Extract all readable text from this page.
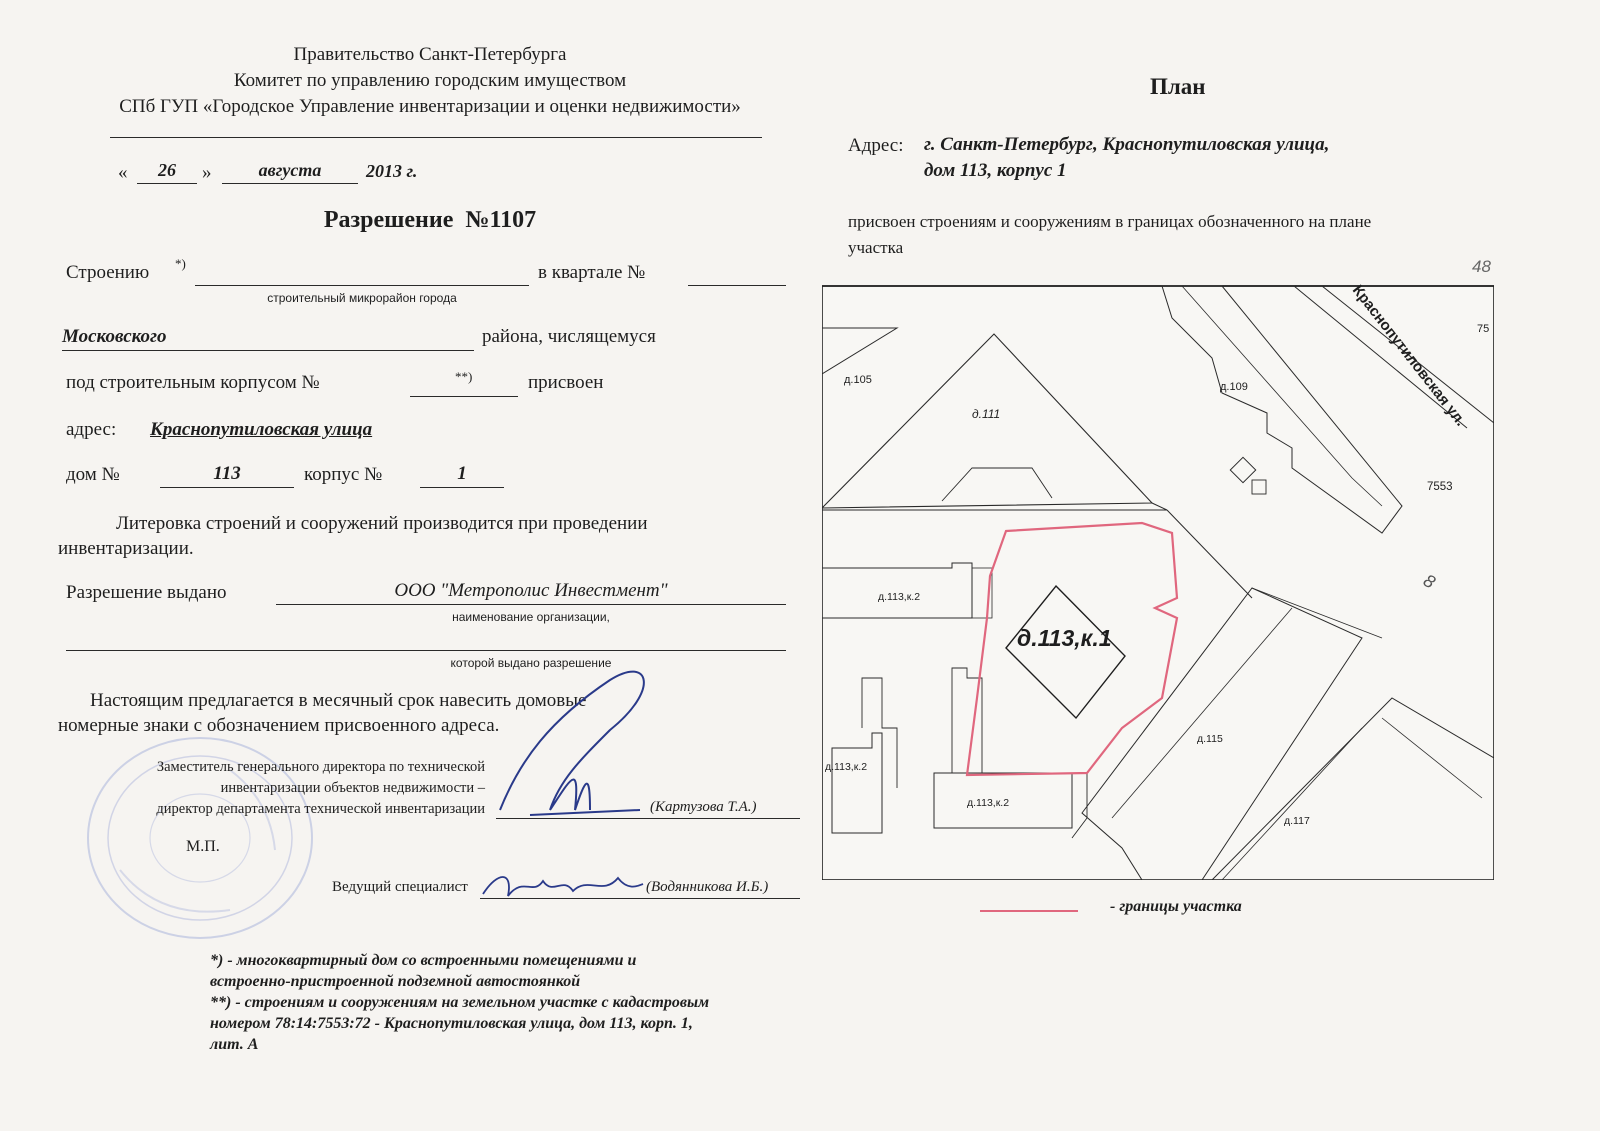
Правительство Санкт-Петербурга
Комитет по управлению городским имуществом
СПб ГУП «Городское Управление инвентаризации и оценки недвижимости»
«	26	»	августа	2013 г.
Разрешение №1107
Строению *)
строительный микрорайон города
в квартале №
Московского	района, числящемуся
под строительным корпусом №	**)	присвоен
адрес: Краснопутиловская улица
дом №	113	корпус №	1
Литеровка строений и сооружений производится при проведении
инвентаризации.
Разрешение выдано	ООО "Метрополис Инвестмент"
наименование организации,
которой выдано разрешение
Настоящим предлагается в месячный срок навесить домовые
номерные знаки с обозначением присвоенного адреса.
Заместитель генерального директора по технической
инвентаризации объектов недвижимости –
директор департамента технической инвентаризации	(Картузова Т.А.)
М.П.
Ведущий специалист	(Водянникова И.Б.)
*) - многоквартирный дом со встроенными помещениями и
встроенно-пристроенной подземной автостоянкой
**) - строениям и сооружениям на земельном участке с кадастровым
номером 78:14:7553:72 - Краснопутиловская улица, дом 113, корп. 1,
лит. А
План
Адрес: г. Санкт-Петербург, Краснопутиловская улица,
дом 113, корпус 1
присвоен строениям и сооружениям в границах обозначенного на плане
участка
д.105
д.111
д.109
д.113,к.2
д.113,к.1
д.113,к.2
д.113,к.2
д.115
д.117
7553
75
Краснопутиловская ул.
8
48
- границы участка
